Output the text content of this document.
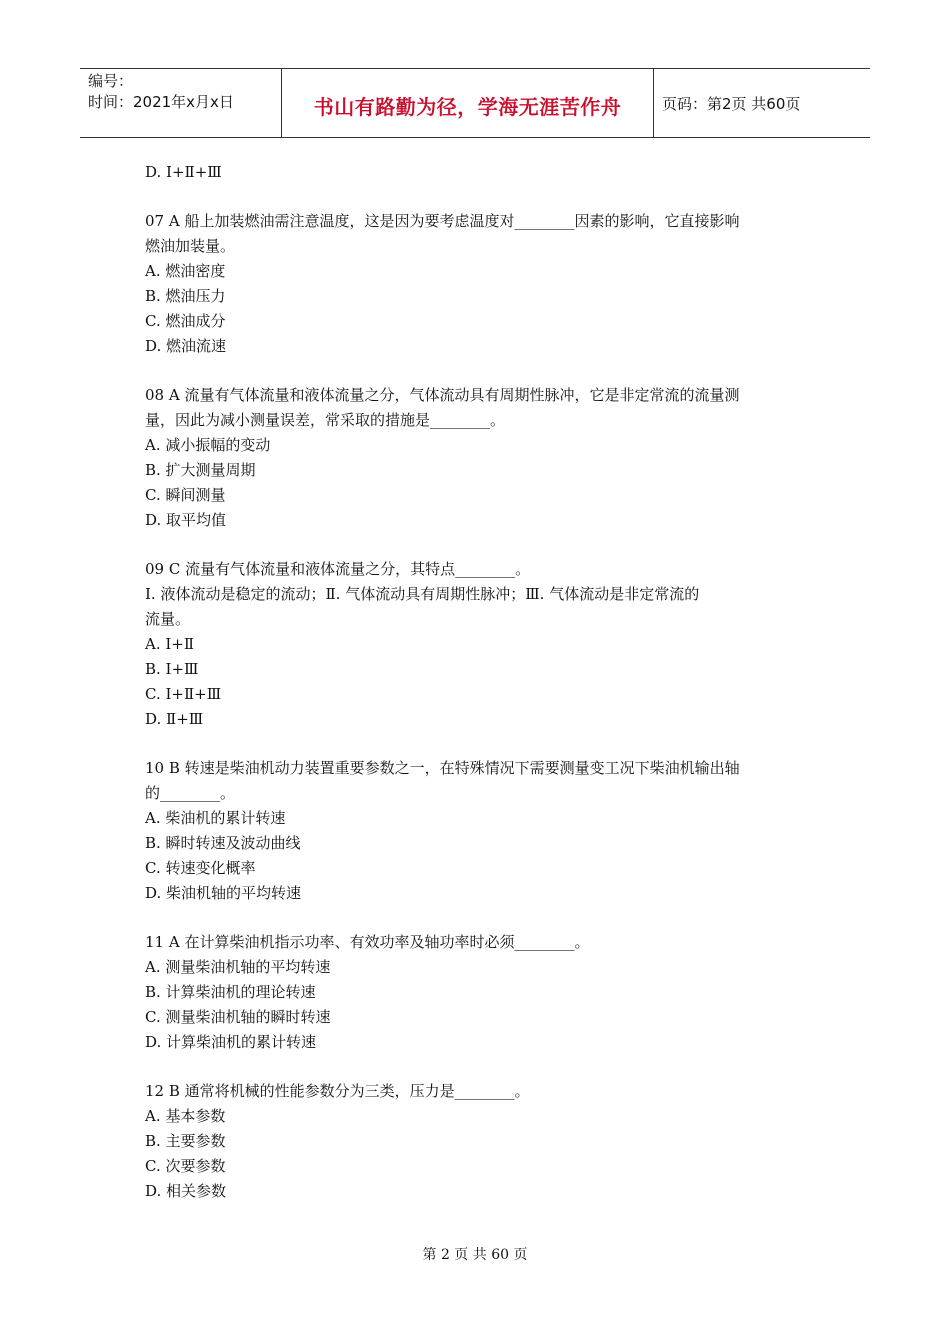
编号：
时间：2021年x月x日	书山有路勤为径，学海无涯苦作舟	页码：第2页 共60页
D. Ⅰ+Ⅱ+Ⅲ
07 A 船上加装燃油需注意温度，这是因为要考虑温度对________因素的影响，它直接影响
燃油加装量。
A. 燃油密度
B. 燃油压力
C. 燃油成分
D. 燃油流速
08 A 流量有气体流量和液体流量之分，气体流动具有周期性脉冲，它是非定常流的流量测
量，因此为减小测量误差，常采取的措施是________。
A. 减小振幅的变动
B. 扩大测量周期
C. 瞬间测量
D. 取平均值
09 C 流量有气体流量和液体流量之分，其特点________。
Ⅰ. 液体流动是稳定的流动；Ⅱ. 气体流动具有周期性脉冲；Ⅲ. 气体流动是非定常流的
流量。
A. Ⅰ+Ⅱ
B. Ⅰ+Ⅲ
C. Ⅰ+Ⅱ+Ⅲ
D. Ⅱ+Ⅲ
10 B 转速是柴油机动力装置重要参数之一，在特殊情况下需要测量变工况下柴油机输出轴
的________。
A. 柴油机的累计转速
B. 瞬时转速及波动曲线
C. 转速变化概率
D. 柴油机轴的平均转速
11 A 在计算柴油机指示功率、有效功率及轴功率时必须________。
A. 测量柴油机轴的平均转速
B. 计算柴油机的理论转速
C. 测量柴油机轴的瞬时转速
D. 计算柴油机的累计转速
12 B 通常将机械的性能参数分为三类，压力是________。
A. 基本参数
B. 主要参数
C. 次要参数
D. 相关参数
第 2 页 共 60 页
